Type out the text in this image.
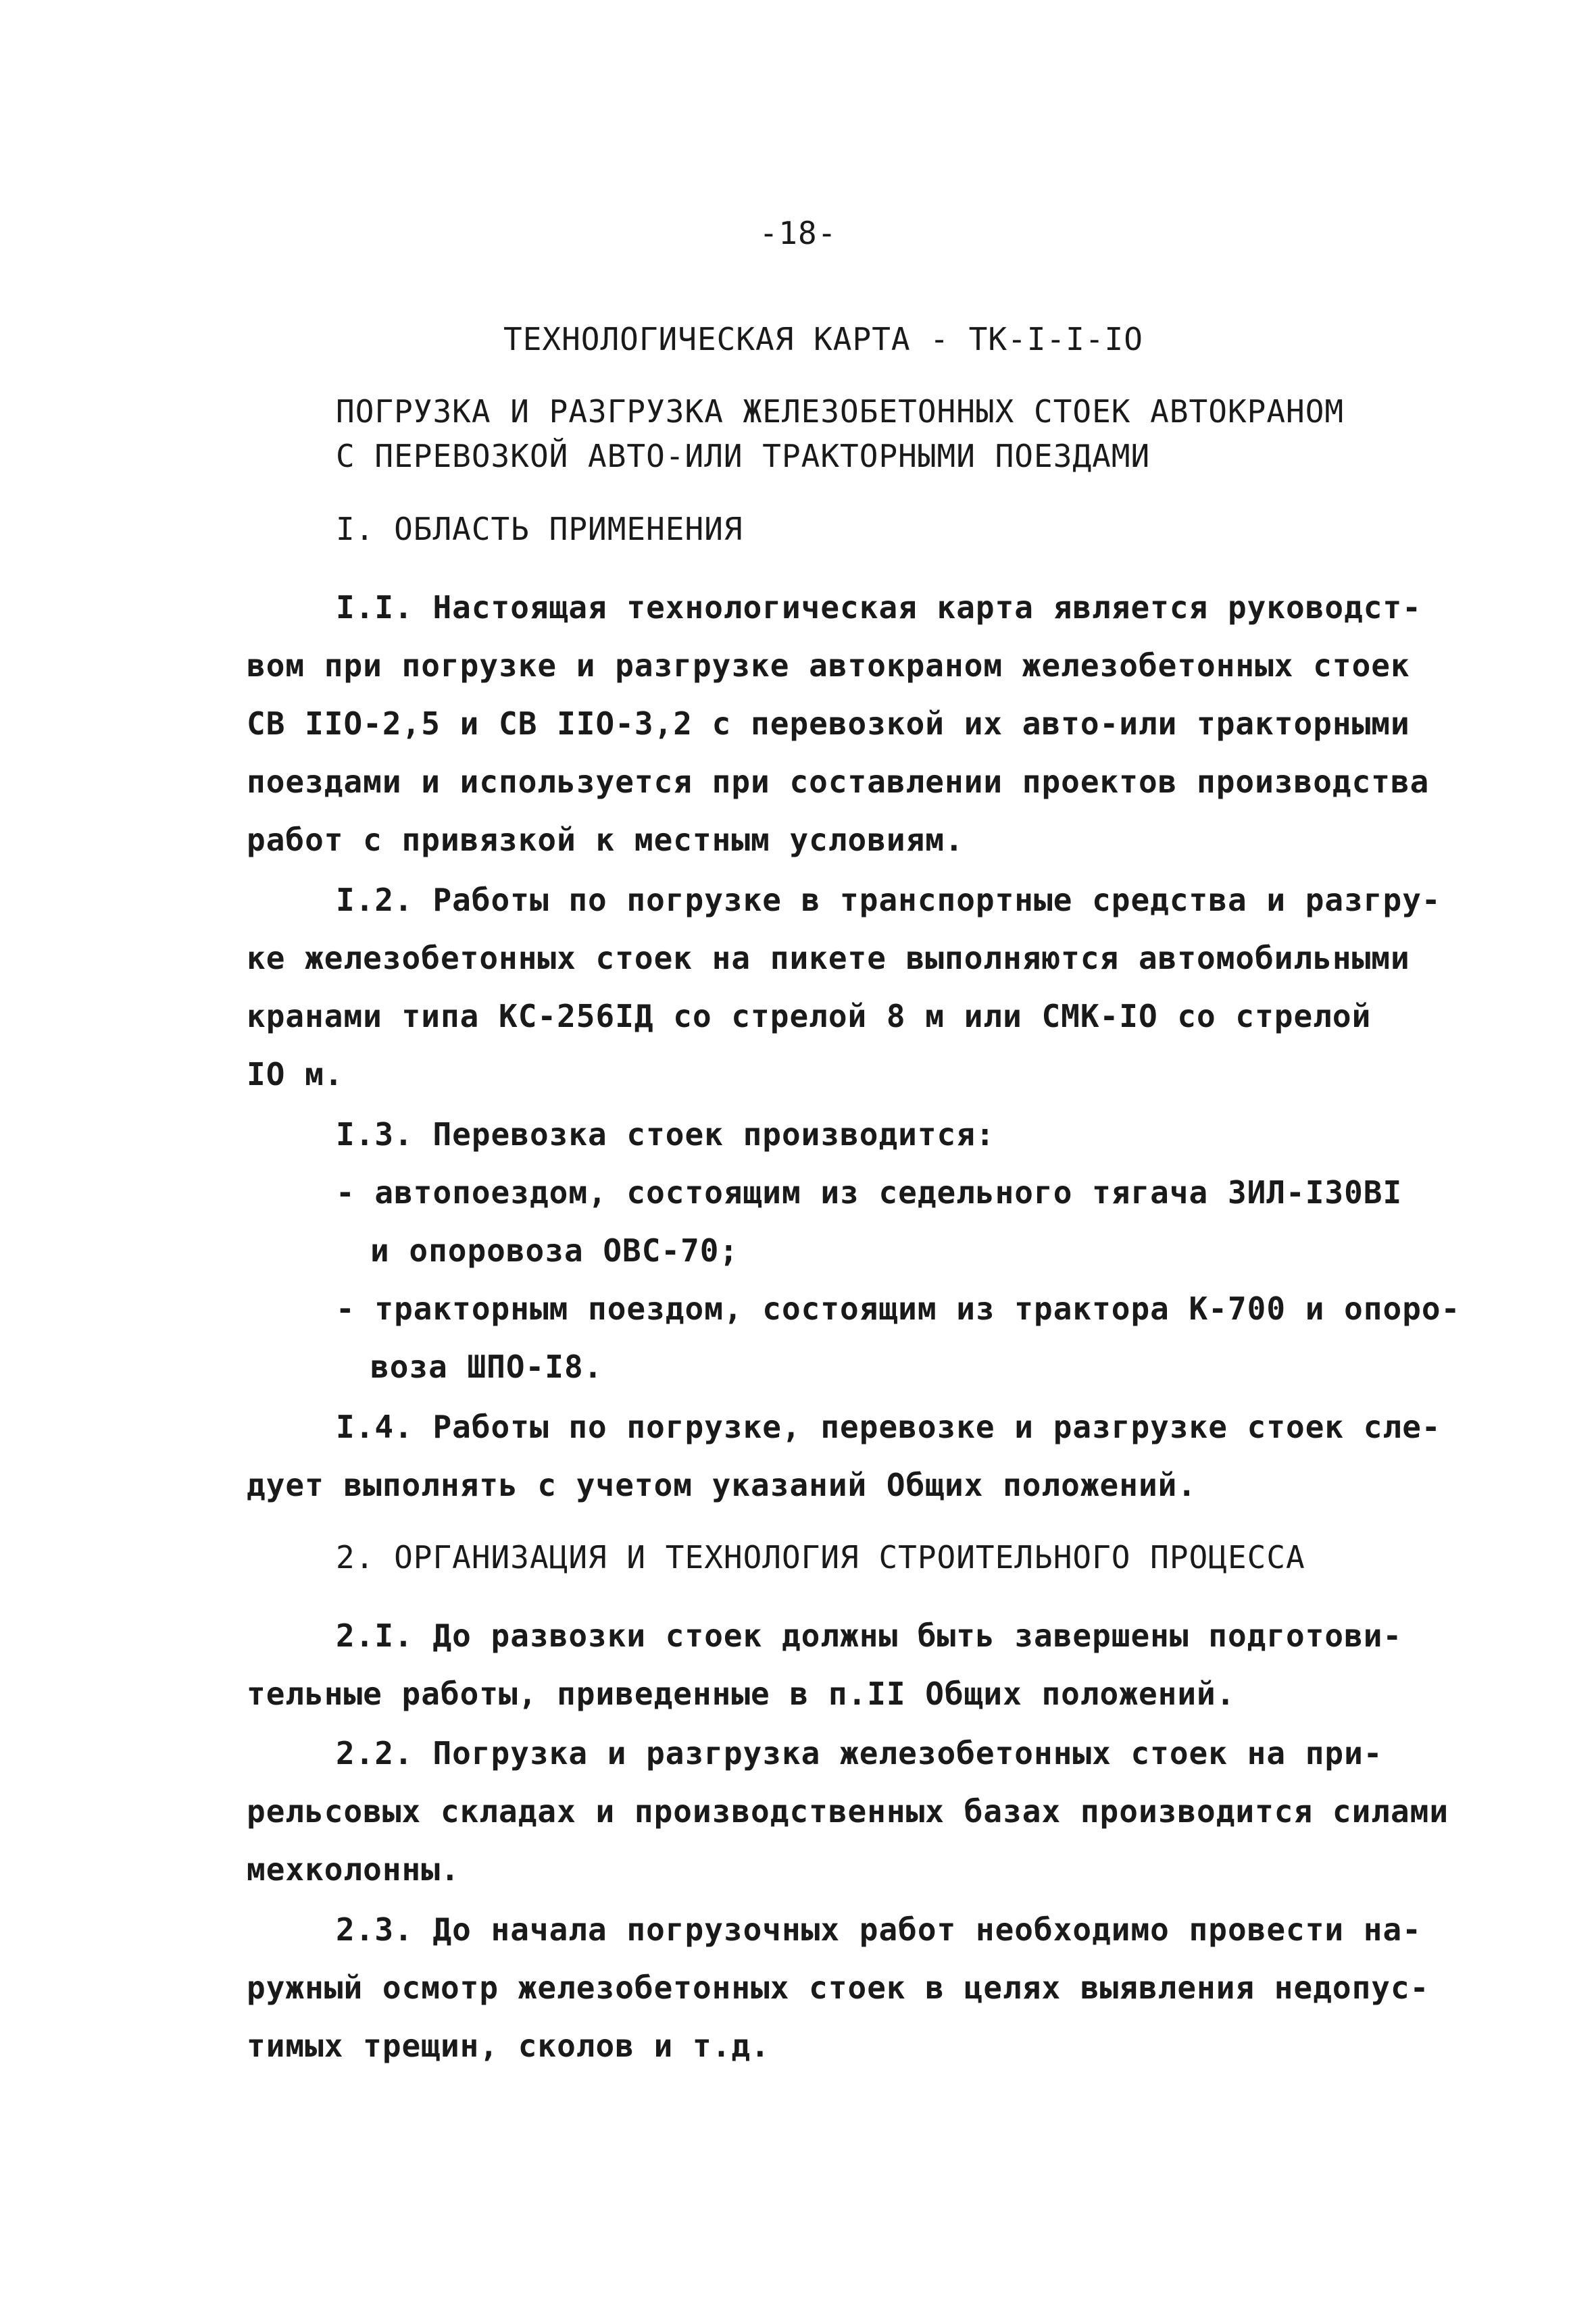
-18-
ТЕХНОЛОГИЧЕСКАЯ КАРТА - ТК-I-I-IO
ПОГРУЗКА И РАЗГРУЗКА ЖЕЛЕЗОБЕТОННЫХ СТОЕК АВТОКРАНОМ
С ПЕРЕВОЗКОЙ АВТО-ИЛИ ТРАКТОРНЫМИ ПОЕЗДАМИ
I. ОБЛАСТЬ ПРИМЕНЕНИЯ
I.I. Настоящая технологическая карта является руководст-
вом при погрузке и разгрузке автокраном железобетонных стоек
СВ IIO-2,5 и СВ IIO-3,2 с перевозкой их авто-или тракторными
поездами и используется при составлении проектов производства
работ с привязкой к местным условиям.
I.2. Работы по погрузке в транспортные средства и разгру-
ке железобетонных стоек на пикете выполняются автомобильными
кранами типа КС-256IД со стрелой 8 м или СМК-IO со стрелой
IO м.
I.3. Перевозка стоек производится:
- автопоездом, состоящим из седельного тягача ЗИЛ-I30ВI
и опоровоза ОВС-70;
- тракторным поездом, состоящим из трактора К-700 и опоро-
воза ШПО-I8.
I.4. Работы по погрузке, перевозке и разгрузке стоек сле-
дует выполнять с учетом указаний Общих положений.
2. ОРГАНИЗАЦИЯ И ТЕХНОЛОГИЯ СТРОИТЕЛЬНОГО ПРОЦЕССА
2.I. До развозки стоек должны быть завершены подготови-
тельные работы, приведенные в п.II Общих положений.
2.2. Погрузка и разгрузка железобетонных стоек на при-
рельсовых складах и производственных базах производится силами
мехколонны.
2.3. До начала погрузочных работ необходимо провести на-
ружный осмотр железобетонных стоек в целях выявления недопус-
тимых трещин, сколов и т.д.
